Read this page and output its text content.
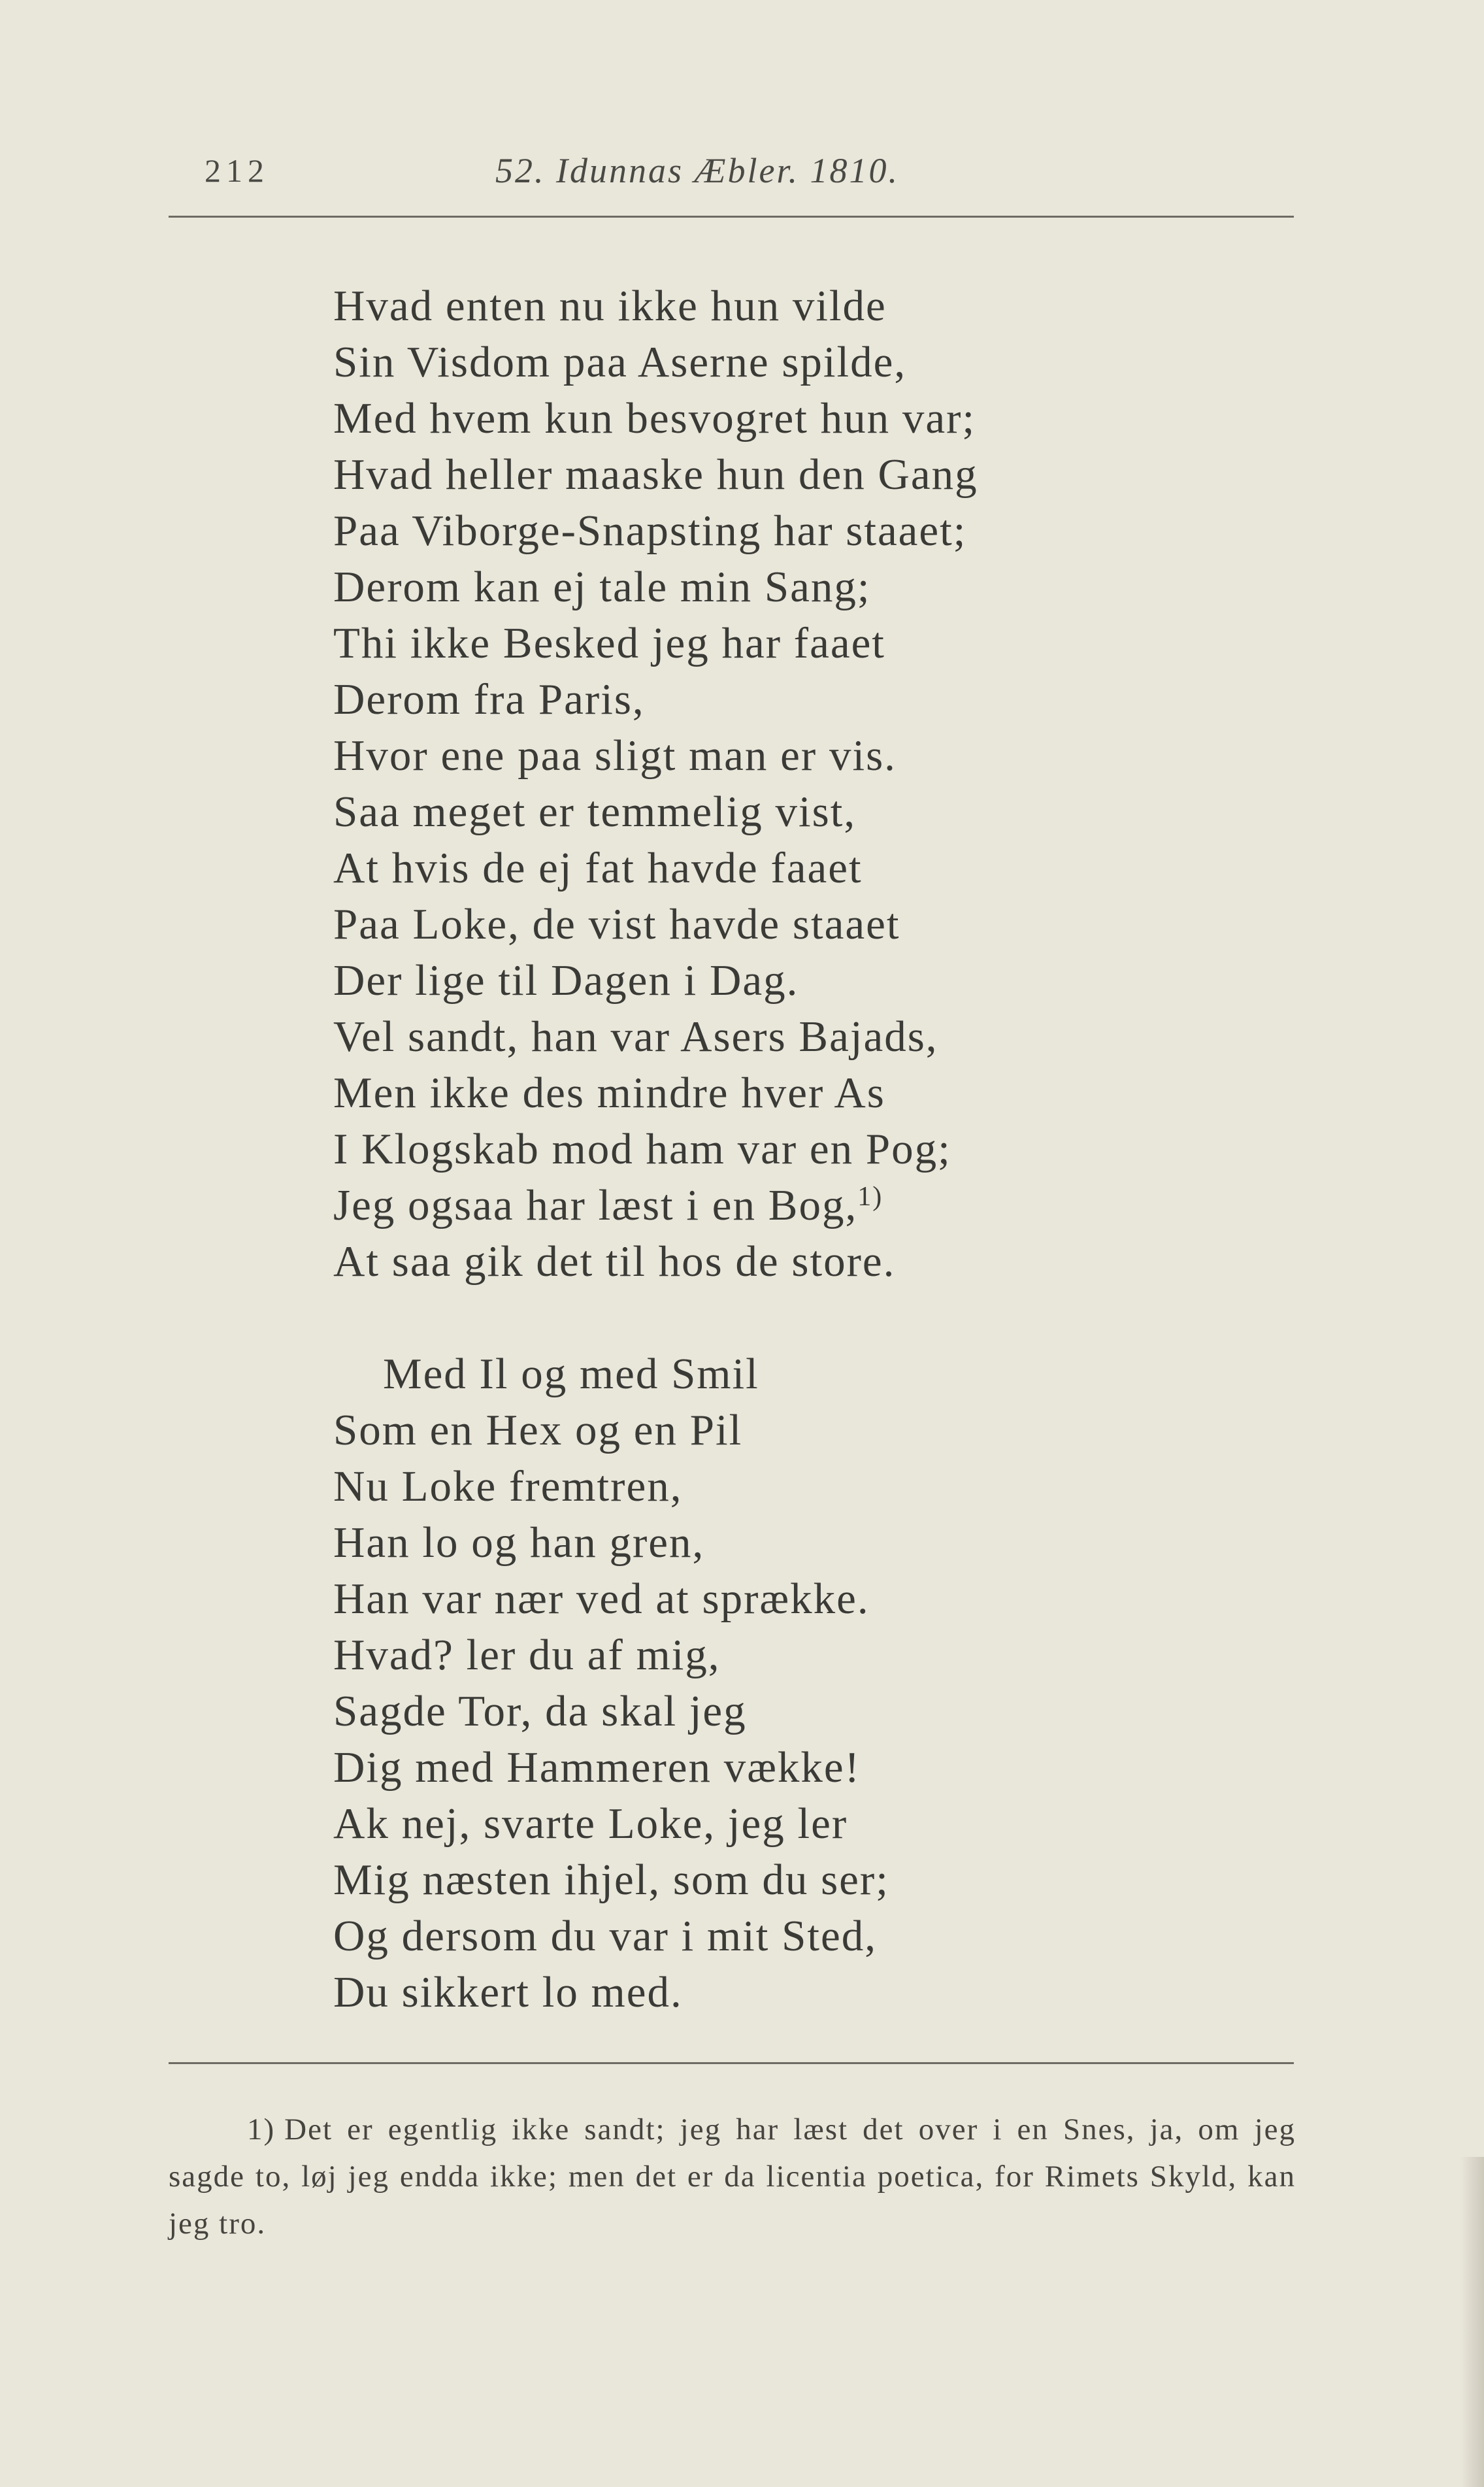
212	52. Idunnas Æbler. 1810.
Hvad enten nu ikke hun vilde
Sin Visdom paa Aserne spilde,
Med hvem kun besvogret hun var;
Hvad heller maaske hun den Gang
Paa Viborge-Snapsting har staaet;
Derom kan ej tale min Sang;
Thi ikke Besked jeg har faaet
Derom fra Paris,
Hvor ene paa sligt man er vis.
Saa meget er temmelig vist,
At hvis de ej fat havde faaet
Paa Loke, de vist havde staaet
Der lige til Dagen i Dag.
Vel sandt, han var Asers Bajads,
Men ikke des mindre hver As
I Klogskab mod ham var en Pog;
Jeg ogsaa har læst i en Bog,$^{1)}$
At saa gik det til hos de store.
Med Il og med Smil
Som en Hex og en Pil
Nu Loke fremtren,
Han lo og han gren,
Han var nær ved at sprække.
Hvad? ler du af mig,
Sagde Tor, da skal jeg
Dig med Hammeren vække!
Ak nej, svarte Loke, jeg ler
Mig næsten ihjel, som du ser;
Og dersom du var i mit Sted,
Du sikkert lo med.
1) Det er egentlig ikke sandt; jeg har læst det over i en Snes, ja, om jeg sagde to, løj jeg endda ikke; men det er da licentia poetica, for Rimets Skyld, kan jeg tro.
